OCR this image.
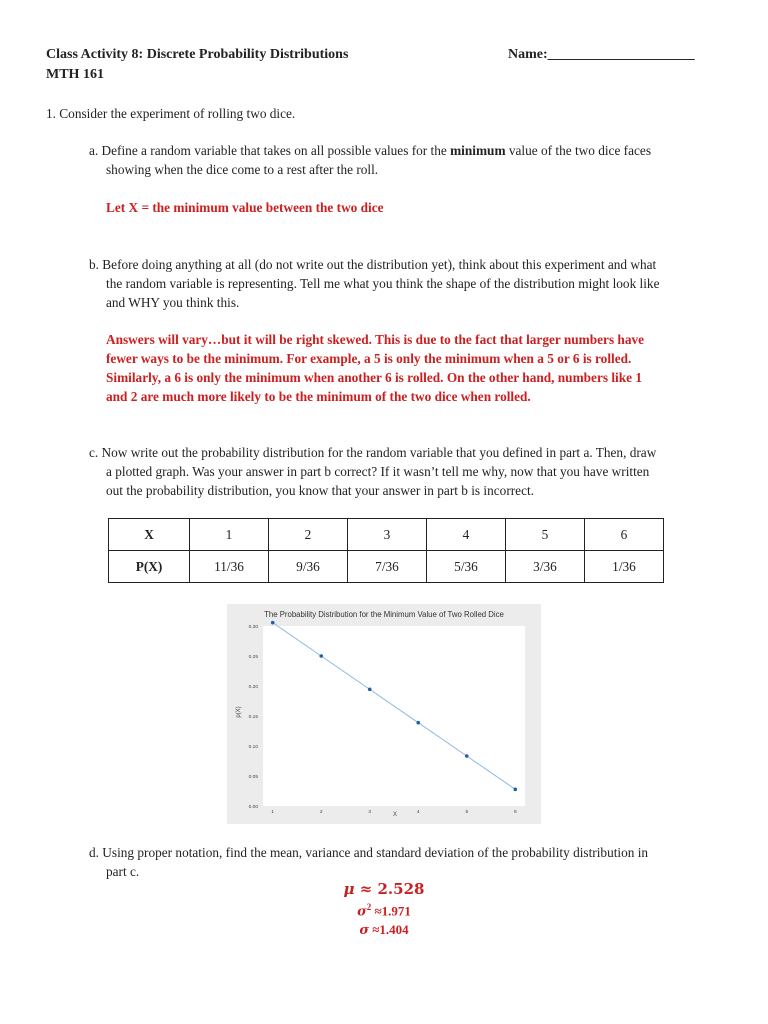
Class Activity 8: Discrete Probability Distributions
MTH 161
Name:_____________________
1. Consider the experiment of rolling two dice.
a. Define a random variable that takes on all possible values for the minimum value of the two dice faces
showing when the dice come to a rest after the roll.
Let X = the minimum value between the two dice
b. Before doing anything at all (do not write out the distribution yet), think about this experiment and what
the random variable is representing. Tell me what you think the shape of the distribution might look like
and WHY you think this.
Answers will vary…but it will be right skewed. This is due to the fact that larger numbers have
fewer ways to be the minimum. For example, a 5 is only the minimum when a 5 or 6 is rolled.
Similarly, a 6 is only the minimum when another 6 is rolled. On the other hand, numbers like 1
and 2 are much more likely to be the minimum of the two dice when rolled.
c. Now write out the probability distribution for the random variable that you defined in part a. Then, draw
a plotted graph. Was your answer in part b correct? If it wasn’t tell me why, now that you have written
out the probability distribution, you know that your answer in part b is incorrect.
X	1	2	3	4	5	6
P(X)	11/36	9/36	7/36	5/36	3/36	1/36
The Probability Distribution for the Minimum Value of Two Rolled Dice
0.00
0.05
0.10
0.15
0.20
0.25
0.30
1	2	3	4	5	6
X
p(X)
d. Using proper notation, find the mean, variance and standard deviation of the probability distribution in
part c.
μ ≈ 2.528
$\sigma^2 \approx 1.971$
σ ≈1.404
